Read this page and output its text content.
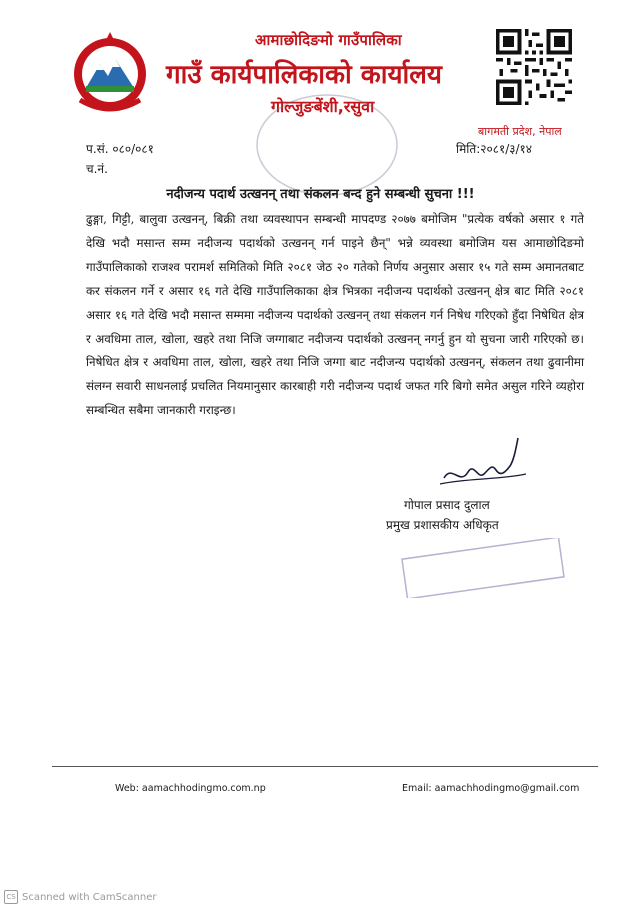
आमाछोदिङमो गाउँपालिका
गाउँ कार्यपालिकाको कार्यालय
गोल्जुङबेंशी,रसुवा
बागमती प्रदेश, नेपाल
प.सं. ०८०/०८१
च.नं.
मिति:२०८१/३/१४
नदीजन्य पदार्थ उत्खनन् तथा संकलन बन्द हुने सम्बन्धी सुचना !!!
ढुङ्गा, गिट्टी, बालुवा उत्खनन्, बिक्री तथा व्यवस्थापन सम्बन्धी मापदण्ड २०७७ बमोजिम "प्रत्येक वर्षको असार १ गते देखि भदौ मसान्त सम्म नदीजन्य पदार्थको उत्खनन् गर्न पाइने छैन्" भन्ने व्यवस्था बमोजिम यस आमाछोदिङमो गाउँपालिकाको राजश्व परामर्श समितिको मिति २०८१ जेठ २० गतेको निर्णय अनुसार असार १५ गते सम्म अमानतबाट कर संकलन गर्ने र असार १६ गते देखि गाउँपालिकाका क्षेत्र भित्रका नदीजन्य पदार्थको उत्खनन् क्षेत्र बाट मिति २०८१ असार १६ गते देखि भदौ मसान्त सम्ममा नदीजन्य पदार्थको उत्खनन् तथा संकलन गर्न निषेध गरिएको हुँदा निषेधित क्षेत्र र अवधिमा ताल, खोला, खहरे तथा निजि जग्गाबाट नदीजन्य पदार्थको उत्खनन् नगर्नु हुन यो सुचना जारी गरिएको छ। निषेधित क्षेत्र र अवधिमा ताल, खोला, खहरे तथा निजि जग्गा बाट नदीजन्य पदार्थको उत्खनन्, संकलन तथा ढुवानीमा संलग्न सवारी साधनलाई प्रचलित नियमानुसार कारबाही गरी नदीजन्य पदार्थ जफत गरि बिगो समेत असुल गरिने व्यहोरा सम्बन्धित सबैमा जानकारी गराइन्छ।
गोपाल प्रसाद दुलाल
प्रमुख प्रशासकीय अधिकृत
Web: aamachhodingmo.com.np	Email: aamachhodingmo@gmail.com
CS Scanned with CamScanner
